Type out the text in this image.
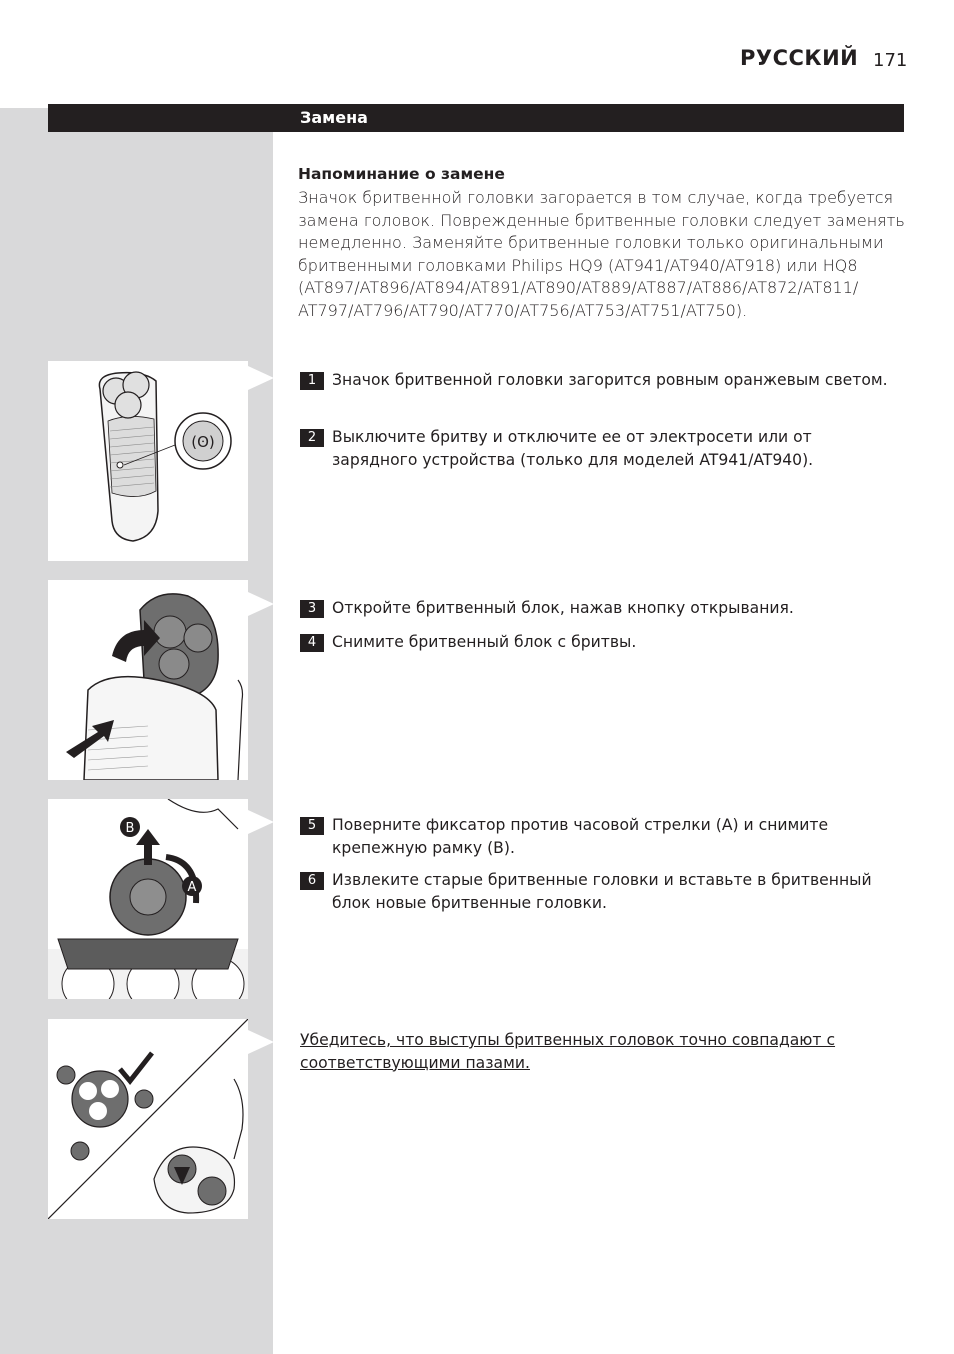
РУССКИЙ 171
Замена
Напоминание о замене
Значок бритвенной головки загорается в том случае, когда требуется замена головок. Поврежденные бритвенные головки следует заменять немедленно. Заменяйте бритвенные головки только оригинальными бритвенными головками Philips HQ9 (AT941/AT940/AT918) или HQ8 (AT897/AT896/AT894/AT891/AT890/AT889/AT887/AT886/AT872/AT811/ AT797/AT796/AT790/AT770/AT756/AT753/AT751/AT750).
(ʘ)
B
A
1	Значок бритвенной головки загорится ровным оранжевым светом.
2	Выключите бритву и отключите ее от электросети или от зарядного устройства (только для моделей AT941/AT940).
3	Откройте бритвенный блок, нажав кнопку открывания.
4	Снимите бритвенный блок с бритвы.
5	Поверните фиксатор против часовой стрелки (A) и снимите крепежную рамку (B).
6	Извлеките старые бритвенные головки и вставьте в бритвенный блок новые бритвенные головки.
Убедитесь, что выступы бритвенных головок точно совпадают с соответствующими пазами.
